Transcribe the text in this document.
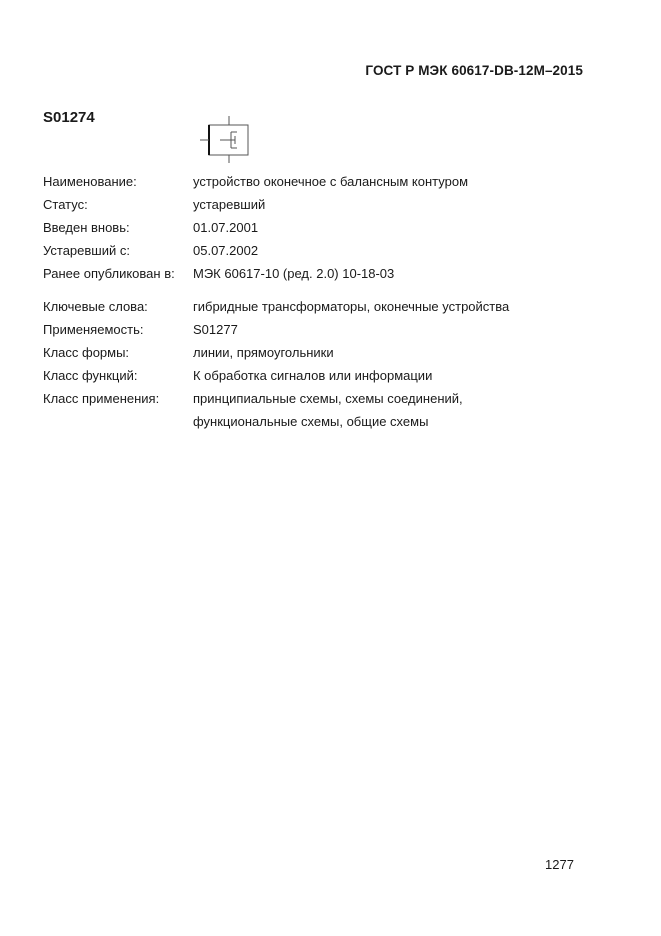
ГОСТ Р МЭК 60617-DB-12M–2015
S01274
Наименование:	устройство оконечное с балансным контуром
Статус:	устаревший
Введен вновь:	01.07.2001
Устаревший с:	05.07.2002
Ранее опубликован в: МЭК 60617-10 (ред. 2.0) 10-18-03
Ключевые слова:	гибридные трансформаторы, оконечные устройства
Применяемость:	S01277
Класс формы:	линии, прямоугольники
Класс функций:	К обработка сигналов или информации
Класс применения:	принципиальные схемы, схемы соединений,
функциональные схемы, общие схемы
1277
